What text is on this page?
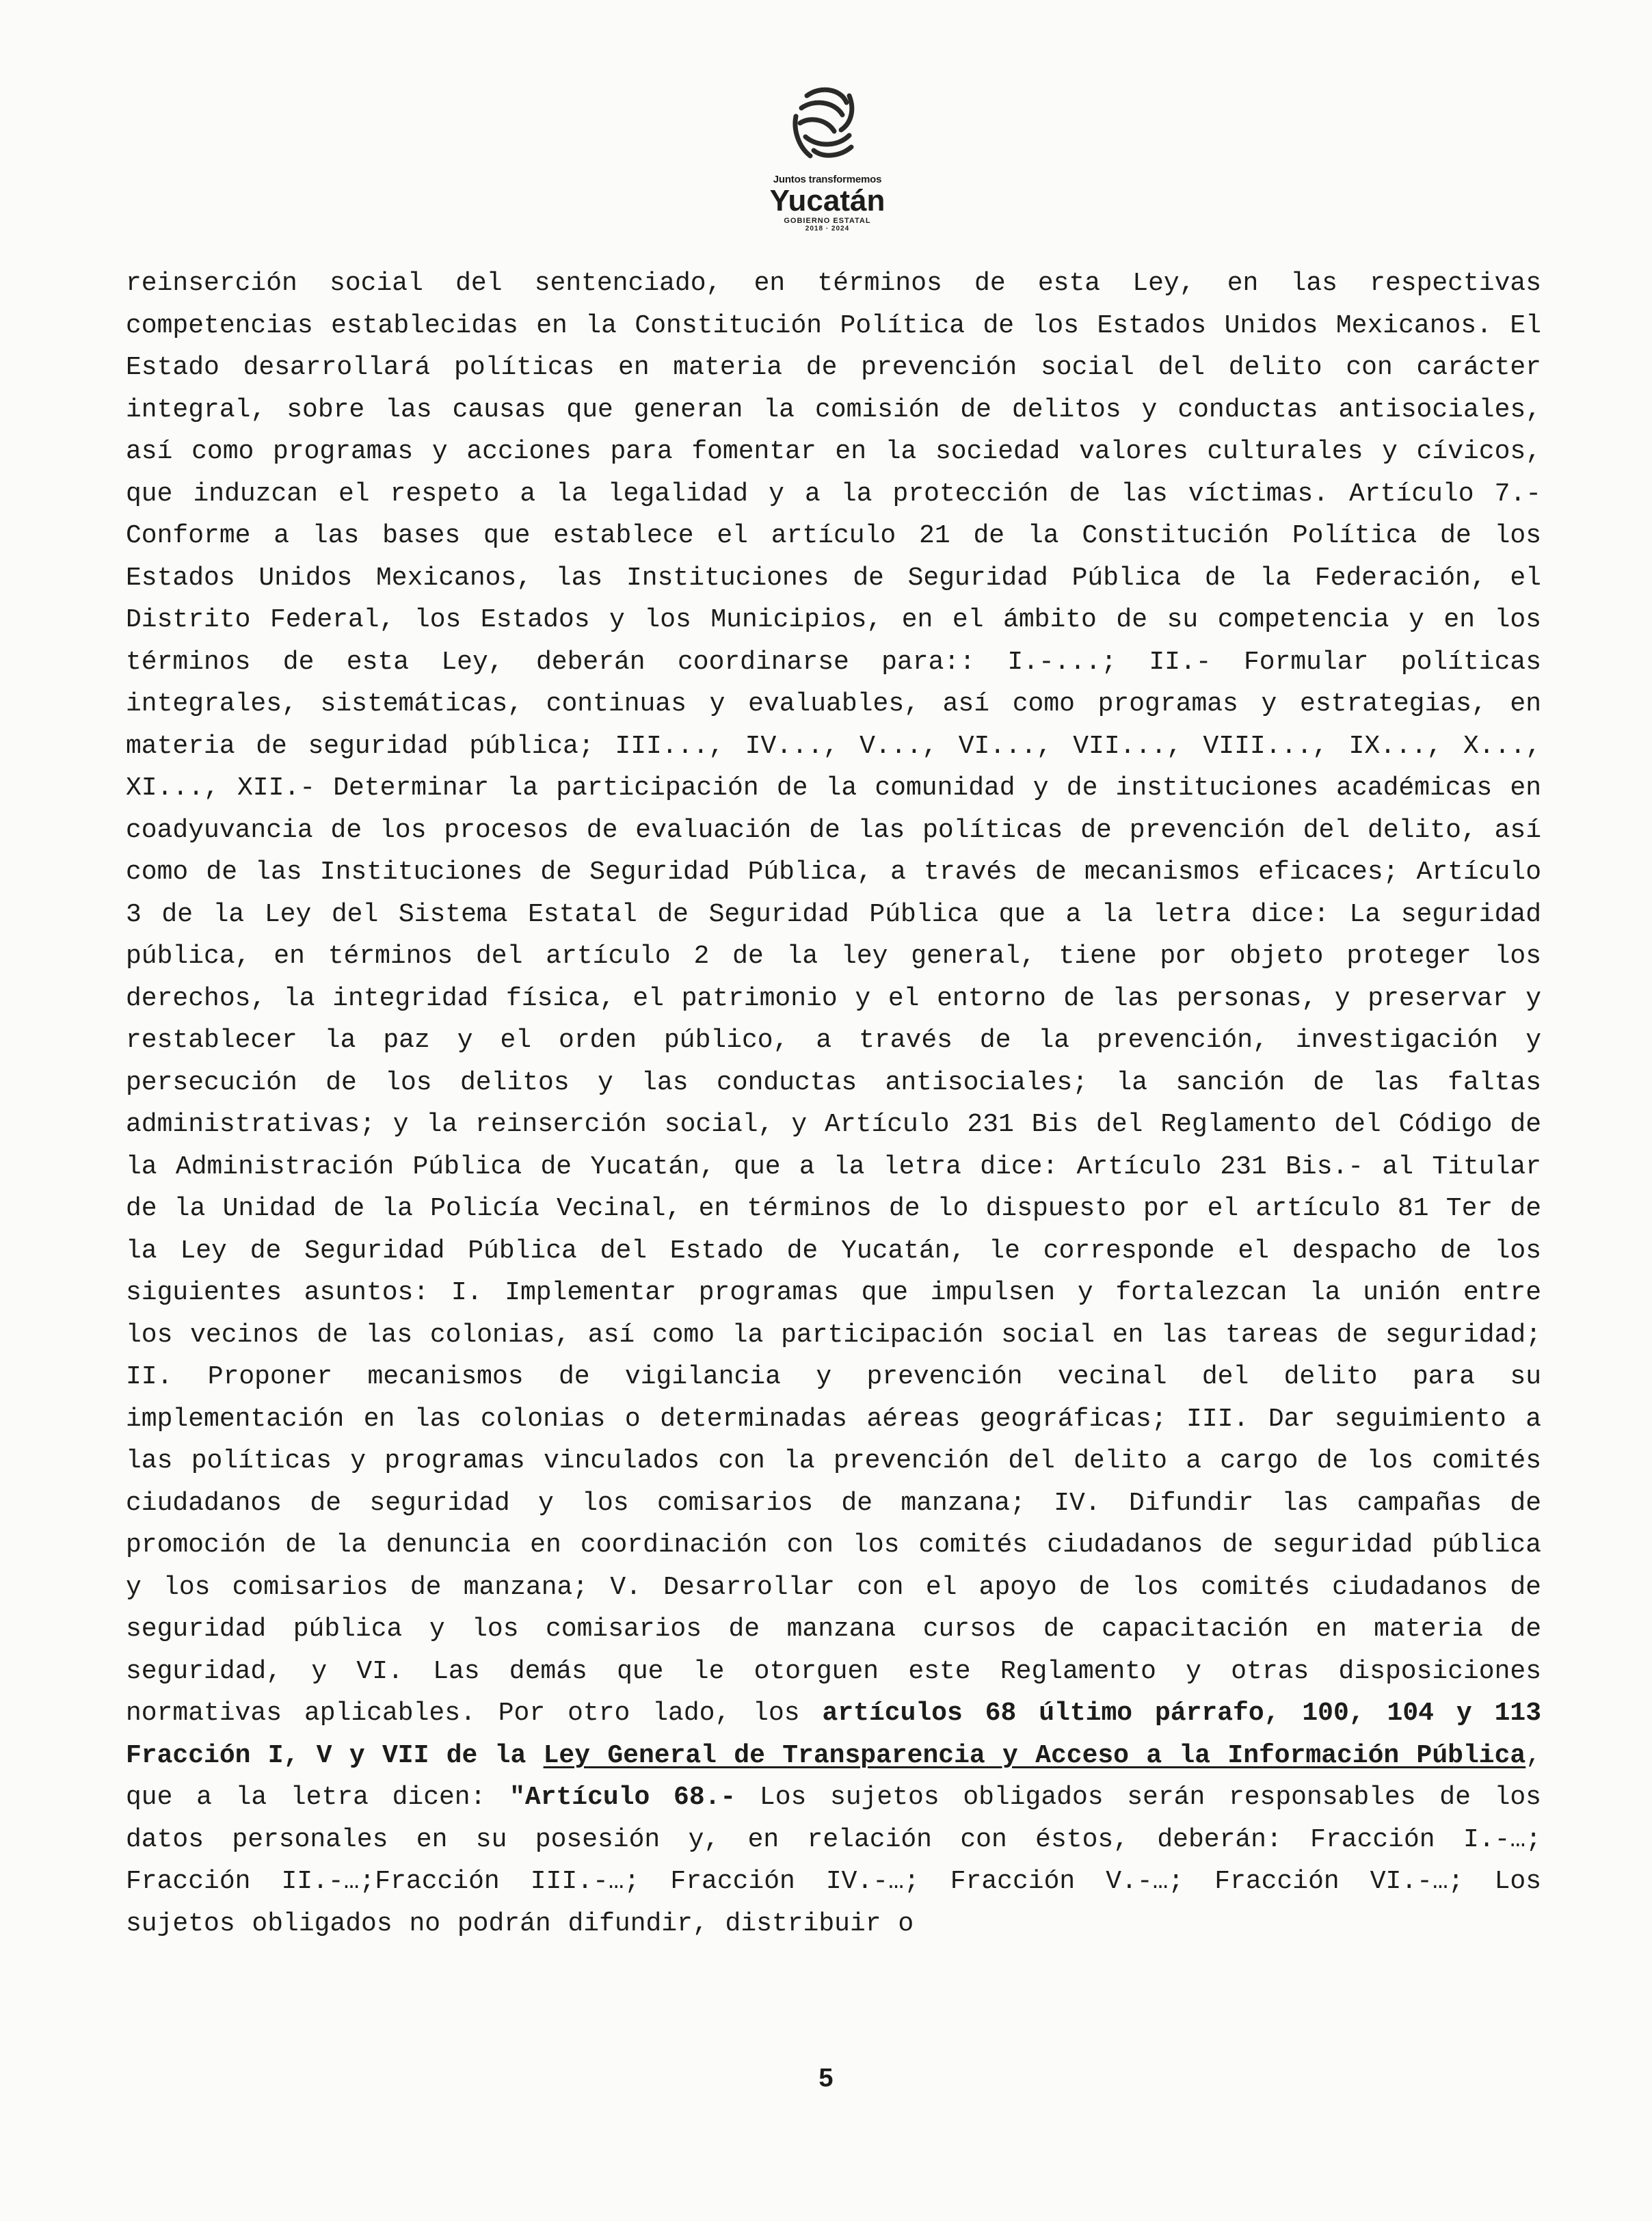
Juntos transformemos
Yucatán
GOBIERNO ESTATAL
2018 · 2024

reinserción social del sentenciado, en términos de esta Ley, en las respectivas competencias establecidas en la Constitución Política de los Estados Unidos Mexicanos. El Estado desarrollará políticas en materia de prevención social del delito con carácter integral, sobre las causas que generan la comisión de delitos y conductas antisociales, así como programas y acciones para fomentar en la sociedad valores culturales y cívicos, que induzcan el respeto a la legalidad y a la protección de las víctimas. Artículo 7.- Conforme a las bases que establece el artículo 21 de la Constitución Política de los Estados Unidos Mexicanos, las Instituciones de Seguridad Pública de la Federación, el Distrito Federal, los Estados y los Municipios, en el ámbito de su competencia y en los términos de esta Ley, deberán coordinarse para:: I.-...; II.- Formular políticas integrales, sistemáticas, continuas y evaluables, así como programas y estrategias, en materia de seguridad pública; III..., IV..., V..., VI..., VII..., VIII..., IX..., X..., XI..., XII.- Determinar la participación de la comunidad y de instituciones académicas en coadyuvancia de los procesos de evaluación de las políticas de prevención del delito, así como de las Instituciones de Seguridad Pública, a través de mecanismos eficaces; Artículo 3 de la Ley del Sistema Estatal de Seguridad Pública que a la letra dice: La seguridad pública, en términos del artículo 2 de la ley general, tiene por objeto proteger los derechos, la integridad física, el patrimonio y el entorno de las personas, y preservar y restablecer la paz y el orden público, a través de la prevención, investigación y persecución de los delitos y las conductas antisociales; la sanción de las faltas administrativas; y la reinserción social, y Artículo 231 Bis del Reglamento del Código de la Administración Pública de Yucatán, que a la letra dice: Artículo 231 Bis.- al Titular de la Unidad de la Policía Vecinal, en términos de lo dispuesto por el artículo 81 Ter de la Ley de Seguridad Pública del Estado de Yucatán, le corresponde el despacho de los siguientes asuntos: I. Implementar programas que impulsen y fortalezcan la unión entre los vecinos de las colonias, así como la participación social en las tareas de seguridad; II. Proponer mecanismos de vigilancia y prevención vecinal del delito para su implementación en las colonias o determinadas aéreas geográficas; III. Dar seguimiento a las políticas y programas vinculados con la prevención del delito a cargo de los comités ciudadanos de seguridad y los comisarios de manzana; IV. Difundir las campañas de promoción de la denuncia en coordinación con los comités ciudadanos de seguridad pública y los comisarios de manzana; V. Desarrollar con el apoyo de los comités ciudadanos de seguridad pública y los comisarios de manzana cursos de capacitación en materia de seguridad, y VI. Las demás que le otorguen este Reglamento y otras disposiciones normativas aplicables. Por otro lado, los artículos 68 último párrafo, 100, 104 y 113 Fracción I, V y VII de la Ley General de Transparencia y Acceso a la Información Pública, que a la letra dicen: "Artículo 68.- Los sujetos obligados serán responsables de los datos personales en su posesión y, en relación con éstos, deberán: Fracción I.-…; Fracción II.-…;Fracción III.-…; Fracción IV.-…; Fracción V.-…; Fracción VI.-…; Los sujetos obligados no podrán difundir, distribuir o

5
